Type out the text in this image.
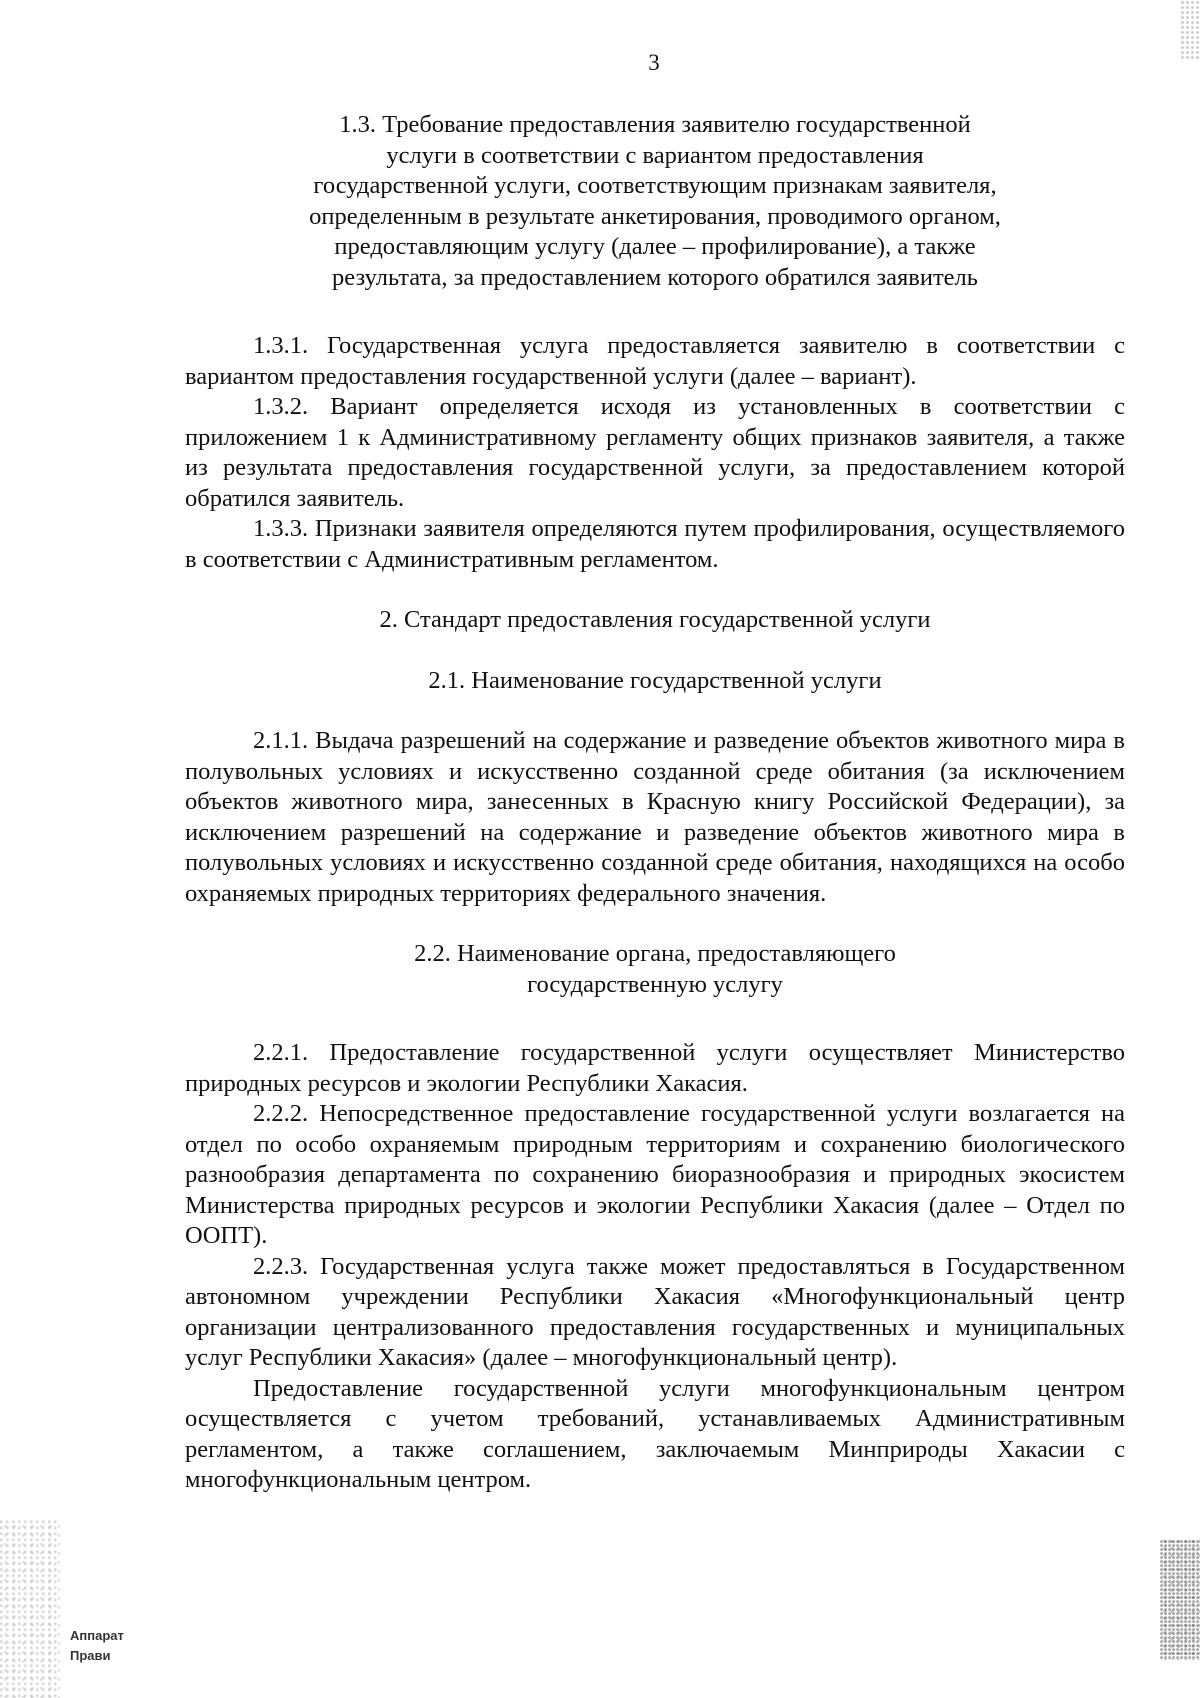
3

1.3. Требование предоставления заявителю государственной услуги в соответствии с вариантом предоставления государственной услуги, соответствующим признакам заявителя, определенным в результате анкетирования, проводимого органом, предоставляющим услугу (далее – профилирование), а также результата, за предоставлением которого обратился заявитель

1.3.1. Государственная услуга предоставляется заявителю в соответствии с вариантом предоставления государственной услуги (далее – вариант).

1.3.2. Вариант определяется исходя из установленных в соответствии с приложением 1 к Административному регламенту общих признаков заявителя, а также из результата предоставления государственной услуги, за предоставлением которой обратился заявитель.

1.3.3. Признаки заявителя определяются путем профилирования, осуществляемого в соответствии с Административным регламентом.

2. Стандарт предоставления государственной услуги

2.1. Наименование государственной услуги

2.1.1. Выдача разрешений на содержание и разведение объектов животного мира в полувольных условиях и искусственно созданной среде обитания (за исключением объектов животного мира, занесенных в Красную книгу Российской Федерации), за исключением разрешений на содержание и разведение объектов животного мира в полувольных условиях и искусственно созданной среде обитания, находящихся на особо охраняемых природных территориях федерального значения.

2.2. Наименование органа, предоставляющего

государственную услугу

2.2.1. Предоставление государственной услуги осуществляет Министерство природных ресурсов и экологии Республики Хакасия.

2.2.2. Непосредственное предоставление государственной услуги возлагается на отдел по особо охраняемым природным территориям и сохранению биологического разнообразия департамента по сохранению биоразнообразия и природных экосистем Министерства природных ресурсов и экологии Республики Хакасия (далее – Отдел по ООПТ).

2.2.3. Государственная услуга также может предоставляться в Государственном автономном учреждении Республики Хакасия «Многофункциональный центр организации централизованного предоставления государственных и муниципальных услуг Республики Хакасия» (далее – многофункциональный центр).

Предоставление государственной услуги многофункциональным центром осуществляется с учетом требований, устанавливаемых Административным регламентом, а также соглашением, заключаемым Минприроды Хакасии с многофункциональным центром.

Аппарат
Прави
